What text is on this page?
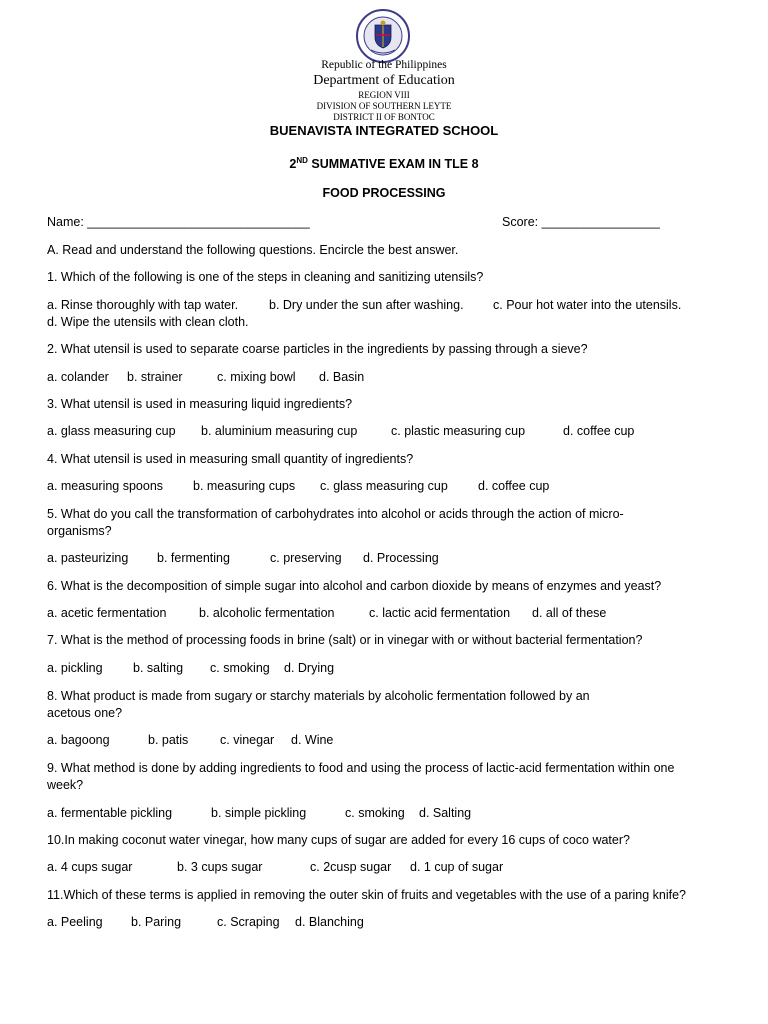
Republic of the Philippines
Department of Education
REGION VIII
DIVISION OF SOUTHERN LEYTE
DISTRICT II OF BONTOC
BUENAVISTA INTEGRATED SCHOOL
2ND SUMMATIVE EXAM IN TLE 8
FOOD PROCESSING
Name: ________________________________	Score: _________________
A. Read and understand the following questions. Encircle the best answer.
1. Which of the following is one of the steps in cleaning and sanitizing utensils?
a. Rinse thoroughly with tap water. b. Dry under the sun after washing. c. Pour hot water into the utensils.
d. Wipe the utensils with clean cloth.
2. What utensil is used to separate coarse particles in the ingredients by passing through a sieve?
a. colander b. strainer	c. mixing bowl d. Basin
3. What utensil is used in measuring liquid ingredients?
a. glass measuring cup b. aluminium measuring cup	c. plastic measuring cup	d. coffee cup
4. What utensil is used in measuring small quantity of ingredients?
a. measuring spoons b. measuring cups c. glass measuring cup d. coffee cup
5. What do you call the transformation of carbohydrates into alcohol or acids through the action of micro-
organisms?
a. pasteurizing b. fermenting	c. preserving d. Processing
6. What is the decomposition of simple sugar into alcohol and carbon dioxide by means of enzymes and yeast?
a. acetic fermentation	b. alcoholic fermentation	c. lactic acid fermentation d. all of these
7. What is the method of processing foods in brine (salt) or in vinegar with or without bacterial fermentation?
a. pickling b. salting c. smoking d. Drying
8. What product is made from sugary or starchy materials by alcoholic fermentation followed by an
acetous one?
a. bagoong	b. patis	c. vinegar d. Wine
9. What method is done by adding ingredients to food and using the process of lactic-acid fermentation within one
week?
a. fermentable pickling	b. simple pickling	c. smoking d. Salting
10.In making coconut water vinegar, how many cups of sugar are added for every 16 cups of coco water?
a. 4 cups sugar	b. 3 cups sugar	c. 2cusp sugar d. 1 cup of sugar
11.Which of these terms is applied in removing the outer skin of fruits and vegetables with the use of a paring knife?
a. Peeling b. Paring	c. Scraping d. Blanching
